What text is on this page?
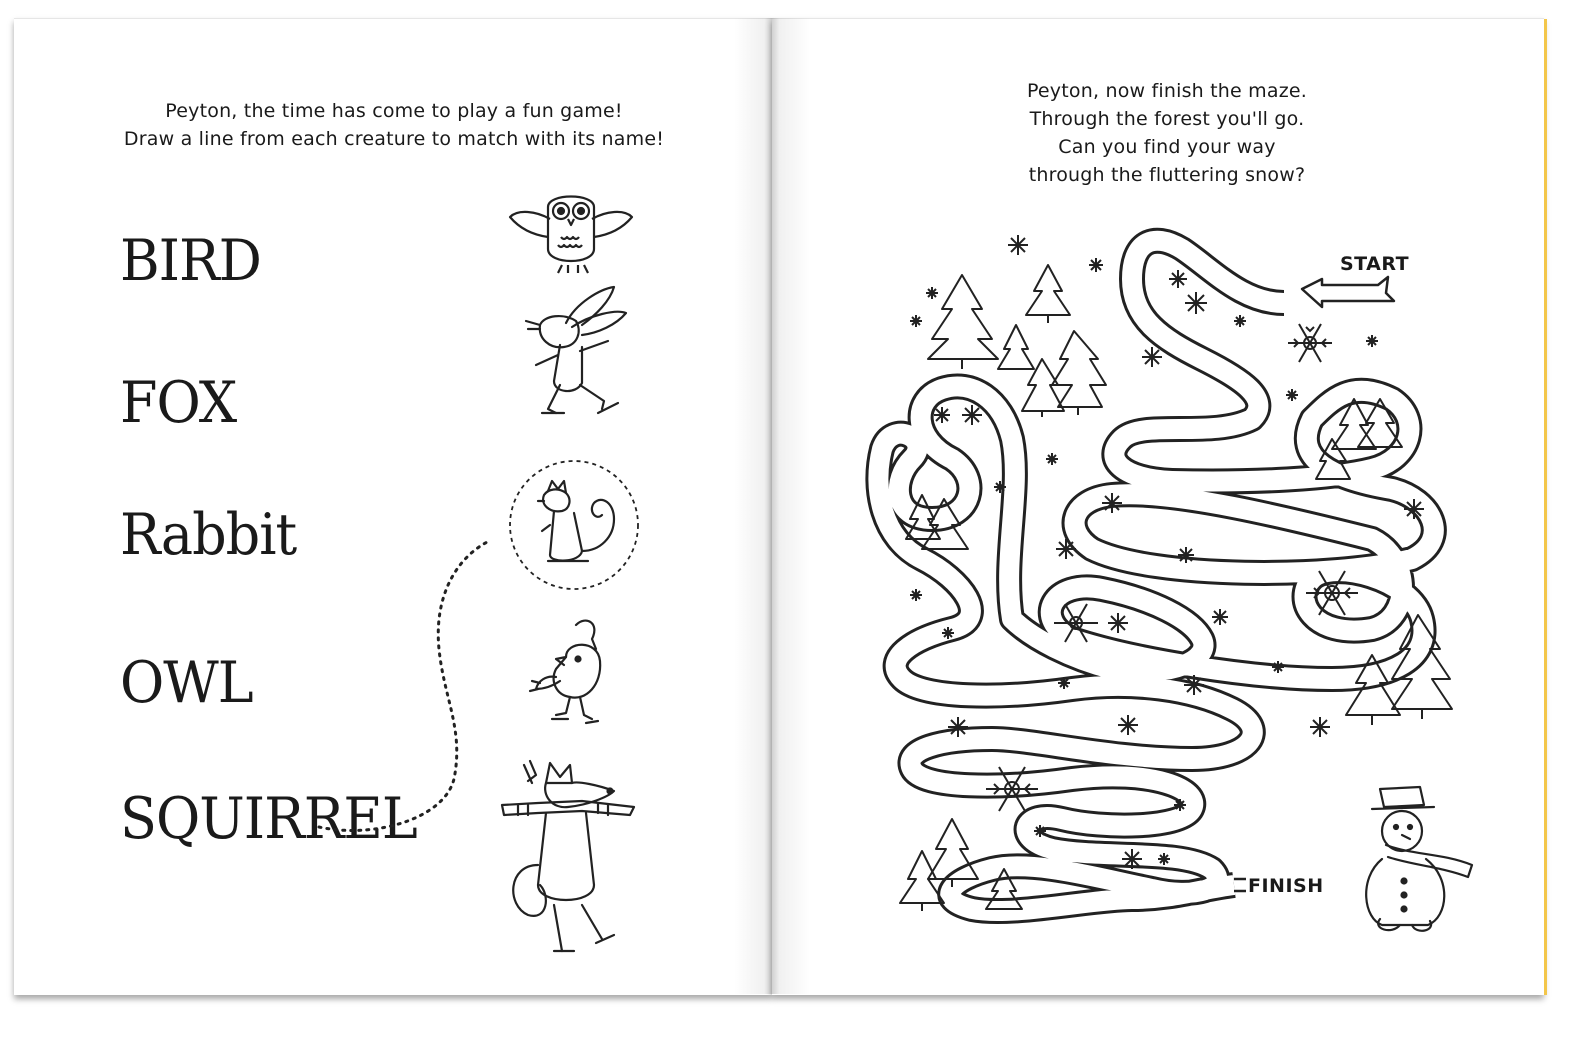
Peyton, the time has come to play a fun game!
Draw a line from each creature to match with its name!
BIRD
FOX
Rabbit
OWL
SQUIRREL
Peyton, now finish the maze.
Through the forest you'll go.
Can you find your way
through the fluttering snow?
START
FINISH
